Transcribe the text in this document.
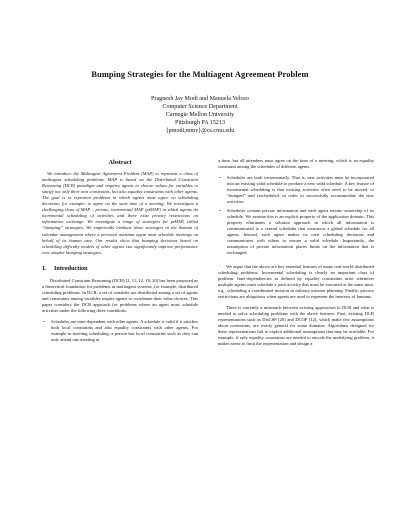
Bumping Strategies for the Multiagent Agreement Problem
Pragnesh Jay Modi and Manuela Veloso
Computer Science Department
Carnegie Mellon University
Pittsburgh PA 15213
{pmodi,mmv}@cs.cmu.edu
Abstract

We introduce the Multiagent Agreement Problem (MAP) to represent a class of multiagent scheduling problems. MAP is based on the Distributed Constraint Reasoning (DCR) paradigm and requires agents to choose values for variables to satisfy not only their own constraints, but also equality constraints with other agents. The goal is to represent problems in which agents must agree on scheduling decisions, for example, to agree on the start time of a meeting. We investigate a challenging class of MAP – private, incremental MAP (piMAP) in which agents do incremental scheduling of activities and there exist privacy restrictions on information exchange. We investigate a range of strategies for piMAP, called “bumping” strategies. We empirically evaluate these strategies in the domain of calendar management where a personal assistant agent must schedule meetings on behalf of its human user. Our results show that bumping decisions based on scheduling difficulty models of other agents can significantly improve performance over simpler bumping strategies.

1. Introduction

Distributed Constraint Reasoning (DCR) [2, 11, 12, 18, 20] has been proposed as a theoretical foundation for problems in multiagent systems, for example, distributed scheduling problems. In DCR, a set of variables are distributed among a set of agents and constraints among variables require agents to coordinate their value choices. This paper considers the DCR approach for problems where an agent must schedule activities under the following three conditions:

• Schedules are inter-dependent with other agents. A schedule is valid if it satisfies both local constraints and also equality constraints with other agents. For example in meeting scheduling, a person has local constraints such as they can only attend one meeting at

a time, but all attendees must agree on the time of a meeting, which is an equality constraint among the schedules of different agents.

• Schedules are built incrementally. That is, new activities must be incorporated into an existing valid schedule to produce a new valid schedule. A key feature of incremental scheduling is that existing activities often need to be moved, or “bumped” and rescheduled, in order to successfully accommodate the new activities.
• Schedules contain private information and each agent retains ownership of its schedule. We assume this is an explicit property of the application domain. This property eliminates a solution approach in which all information is communicated to a central scheduler that constructs a global schedule for all agents. Instead, each agent makes its own scheduling decisions and communicates with others to ensure a valid schedule. Importantly, the assumption of private information places limits on the information that is exchanged.

We argue that the above are key essential features of many real-world distributed scheduling problems. Incremental scheduling is clearly an important class of problem. Inter-dependencies as defined by equality constraints arise whenever multiple agents must schedule a joint activity that must be executed at the same time, e.g., scheduling a coordinated incision in military mission planning. Finally, privacy restrictions are ubiquitous when agents are used to represent the interests of humans.

There is currently a mismatch between existing approaches to DCR and what is needed to solve scheduling problems with the above features. First, existing DCR representations such as DisCSP [20] and DCOP [12], which make few assumptions about constraints, are overly general for some domains. Algorithms designed for these representations fail to exploit additional assumptions that may be available. For example, if only equality constraints are needed to encode the underlying problem, it makes sense to limit the representation and design a
